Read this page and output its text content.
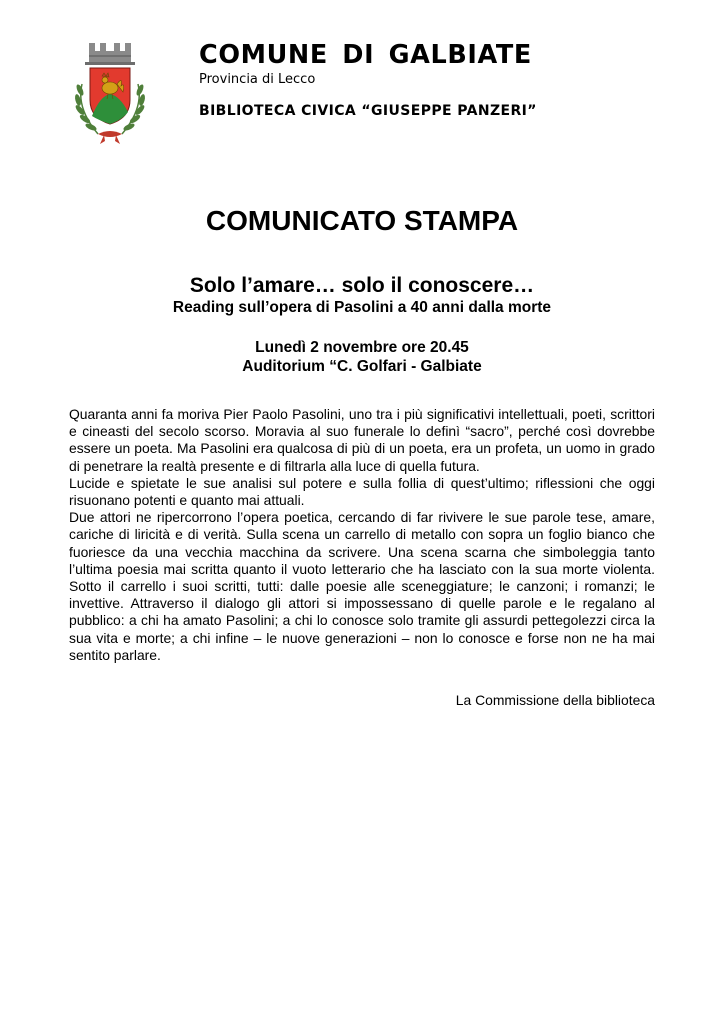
COMUNE DI GALBIATE
Provincia di Lecco
BIBLIOTECA CIVICA “GIUSEPPE PANZERI”
COMUNICATO STAMPA
Solo l’amare… solo il conoscere…
Reading sull’opera di Pasolini a 40 anni dalla morte
Lunedì 2 novembre ore 20.45
Auditorium “C. Golfari - Galbiate

Quaranta anni fa moriva Pier Paolo Pasolini, uno tra i più significativi intellettuali, poeti, scrittori e cineasti del secolo scorso. Moravia al suo funerale lo definì “sacro”, perché così dovrebbe essere un poeta. Ma Pasolini era qualcosa di più di un poeta, era un profeta, un uomo in grado di penetrare la realtà presente e di filtrarla alla luce di quella futura.

Lucide e spietate le sue analisi sul potere e sulla follia di quest’ultimo; riflessioni che oggi risuonano potenti e quanto mai attuali.

Due attori ne ripercorrono l’opera poetica, cercando di far rivivere le sue parole tese, amare, cariche di liricità e di verità. Sulla scena un carrello di metallo con sopra un foglio bianco che fuoriesce da una vecchia macchina da scrivere. Una scena scarna che simboleggia tanto l’ultima poesia mai scritta quanto il vuoto letterario che ha lasciato con la sua morte violenta. Sotto il carrello i suoi scritti, tutti: dalle poesie alle sceneggiature; le canzoni; i romanzi; le invettive. Attraverso il dialogo gli attori si impossessano di quelle parole e le regalano al pubblico: a chi ha amato Pasolini; a chi lo conosce solo tramite gli assurdi pettegolezzi circa la sua vita e morte; a chi infine – le nuove generazioni – non lo conosce e forse non ne ha mai sentito parlare.

La Commissione della biblioteca
